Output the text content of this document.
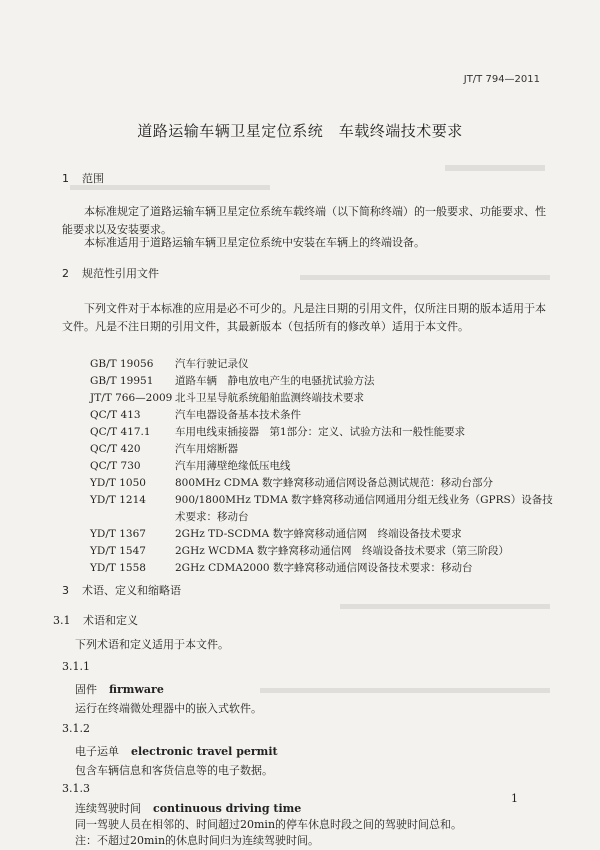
JT/T 794—2011
道路运输车辆卫星定位系统　车载终端技术要求
1 范围
本标准规定了道路运输车辆卫星定位系统车载终端（以下简称终端）的一般要求、功能要求、性能要求以及安装要求。
本标准适用于道路运输车辆卫星定位系统中安装在车辆上的终端设备。
2 规范性引用文件
下列文件对于本标准的应用是必不可少的。凡是注日期的引用文件，仅所注日期的版本适用于本文件。凡是不注日期的引用文件，其最新版本（包括所有的修改单）适用于本文件。
GB/T 19056	汽车行驶记录仪
GB/T 19951	道路车辆　静电放电产生的电骚扰试验方法
JT/T 766—2009 北斗卫星导航系统船舶监测终端技术要求
QC/T 413	汽车电器设备基本技术条件
QC/T 417.1	车用电线束插接器　第1部分：定义、试验方法和一般性能要求
QC/T 420	汽车用熔断器
QC/T 730	汽车用薄壁绝缘低压电线
YD/T 1050	800MHz CDMA 数字蜂窝移动通信网设备总测试规范：移动台部分
YD/T 1214	900/1800MHz TDMA 数字蜂窝移动通信网通用分组无线业务（GPRS）设备技术要求：移动台
YD/T 1367	2GHz TD-SCDMA 数字蜂窝移动通信网　终端设备技术要求
YD/T 1547	2GHz WCDMA 数字蜂窝移动通信网　终端设备技术要求（第三阶段）
YD/T 1558	2GHz CDMA2000 数字蜂窝移动通信网设备技术要求：移动台
3 术语、定义和缩略语
3.1 术语和定义
下列术语和定义适用于本文件。
3.1.1
固件 firmware
运行在终端微处理器中的嵌入式软件。
3.1.2
电子运单 electronic travel permit
包含车辆信息和客货信息等的电子数据。
3.1.3
连续驾驶时间 continuous driving time
同一驾驶人员在相邻的、时间超过20min的停车休息时段之间的驾驶时间总和。
注：不超过20min的休息时间归为连续驾驶时间。
1
